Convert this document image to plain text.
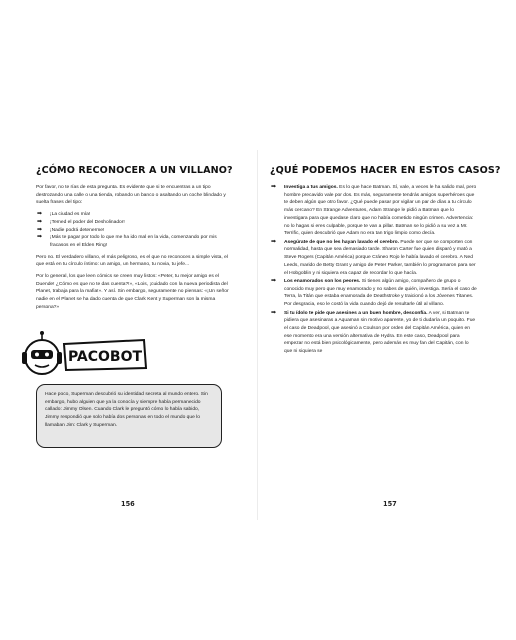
¿CÓMO RECONOCER A UN VILLANO?

Por favor, no te rías de esta pregunta. Es evidente que si te encuentras a un tipo destrozando una calle o una tienda, robando un banco o asaltando un coche blindado y suelta frases del tipo:

➡ ¡La ciudad es mía!
➡ ¡Temed el poder del Desholinador!
➡ ¡Nadie podrá detenerme!
➡ ¡Más te pagar por todo lo que me ha ido mal en la vida, comenzando por mis fracasos en el Elden Ring!

Pero no. El verdadero villano, el más peligroso, es el que no reconoces a simple vista, el que está en tu círculo íntimo: un amigo, un hermano, tu novia, tu jefe...

Por lo general, los que leen cómics se creen muy listos: «Peter, tu mejor amigo es el Duende! ¿Cómo es que no te das cuenta?!», «Lois, ¡cuidado con la nueva periodista del Planet, trabaja para la mafia!». Y así. Sin embargo, seguramente no piensas: «¡Un señor nadie en el Planet se ha dado cuenta de que Clark Kent y Superman son la misma persona?»

PACOBOT

Hace poco, Superman descubrió su identidad secreta al mundo entero. Sin embargo, hubo alguien que ya la conocía y siempre había permanecido callado: Jimmy Olsen. Cuando Clark le preguntó cómo lo había sabido, Jimmy respondió que solo había dos personas en todo el mundo que lo llamaban Jim: Clark y Superman.

156
¿QUÉ PODEMOS HACER EN ESTOS CASOS?
➡ Investiga a tus amigos. Es lo que hace Batman. Sí, vale, a veces le ha salido mal, pero hombre precavido vale por dos. Es más, seguramente tendrás amigos superhéroes que te deben algún que otro favor. ¿Qué puede pasar por vigilar un par de días a tu círculo más cercano? En Strange Adventures, Adam Strange le pidió a Batman que lo investigara para que quedase claro que no había cometido ningún crimen. Advertencia: no lo hagas si eres culpable, porque te van a pillar. Batman se lo pidió a su vez a Mr. Terrific, quien descubrió que Adam no era tan trigo limpio como decía.
➡ Asegúrate de que no les hayan lavado el cerebro. Puede ser que se comporten con normalidad, hasta que sea demasiado tarde. Sharon Carter fue quien disparó y mató a Steve Rogers (Capitán América) porque Cráneo Rojo le había lavado el cerebro. A Ned Leeds, marido de Betty Grant y amigo de Peter Parker, también lo programaron para ser el Hobgoblin y ni siquiera era capaz de recordar lo que hacía.
➡ Los enamorados son los peores. Si tienes algún amigo, compañero de grupo o conocido muy pero que muy enamorado y no sabes de quién, investiga. Sería el caso de Terra, la Titán que estaba enamorada de Deathstroke y traicionó a los Jóvenes Titanes. Por desgracia, eso le costó la vida cuando dejó de resultarle útil al villano.
➡ Si tu ídolo te pide que asesines a un buen hombre, desconfía. A ver, si Batman te pidiera que asesinaras a Aquaman sin motivo aparente, yo de ti dudaría un poquito. Fue el caso de Deadpool, que asesinó a Coulson por orden del Capitán América, quien en ese momento era una versión alternativa de Hydra. En este caso, Deadpool para empezar no está bien psicológicamente, pero además es muy fan del Capitán, con lo que ni siquiera se
157
